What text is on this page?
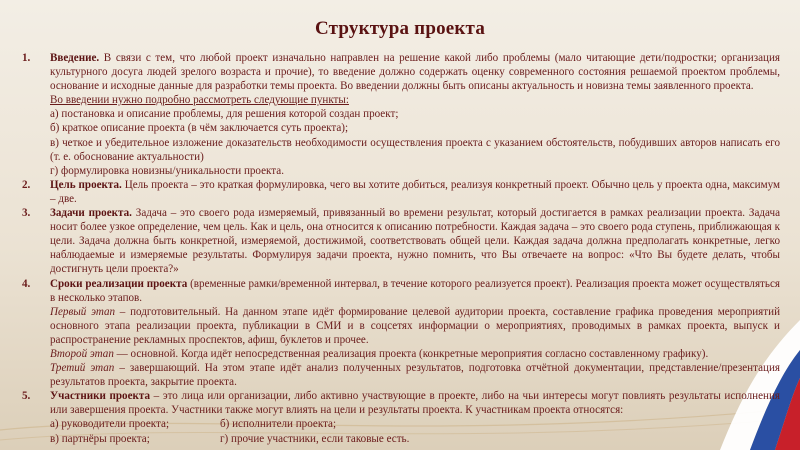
Структура проекта
1. Введение. В связи с тем, что любой проект изначально направлен на решение какой либо проблемы (мало читающие дети/подростки; организация культурного досуга людей зрелого возраста и прочие), то введение должно содержать оценку современного состояния решаемой проектом проблемы, основание и исходные данные для разработки темы проекта. Во введении должны быть описаны актуальность и новизна темы заявленного проекта.
Во введении нужно подробно рассмотреть следующие пункты:
а) постановка и описание проблемы, для решения которой создан проект;
б) краткое описание проекта (в чём заключается суть проекта);
в) четкое и убедительное изложение доказательств необходимости осуществления проекта с указанием обстоятельств, побудивших авторов написать его (т. е. обоснование актуальности)
г) формулировка новизны/уникальности проекта.
2. Цель проекта. Цель проекта – это краткая формулировка, чего вы хотите добиться, реализуя конкретный проект. Обычно цель у проекта одна, максимум – две.
3. Задачи проекта. Задача – это своего рода измеряемый, привязанный во времени результат, который достигается в рамках реализации проекта. Задача носит более узкое определение, чем цель. Как и цель, она относится к описанию потребности. Каждая задача – это своего рода ступень, приближающая к цели. Задача должна быть конкретной, измеряемой, достижимой, соответствовать общей цели. Каждая задача должна предполагать конкретные, легко наблюдаемые и измеряемые результаты. Формулируя задачи проекта, нужно помнить, что Вы отвечаете на вопрос: «Что Вы будете делать, чтобы достигнуть цели проекта?»
4. Сроки реализации проекта (временные рамки/временной интервал, в течение которого реализуется проект). Реализация проекта может осуществляться в несколько этапов.
Первый этап – подготовительный. На данном этапе идёт формирование целевой аудитории проекта, составление графика проведения мероприятий основного этапа реализации проекта, публикации в СМИ и в соцсетях информации о мероприятиях, проводимых в рамках проекта, выпуск и распространение рекламных проспектов, афиш, буклетов и прочее.
Второй этап — основной. Когда идёт непосредственная реализация проекта (конкретные мероприятия согласно составленному графику).
Третий этап – завершающий. На этом этапе идёт анализ полученных результатов, подготовка отчётной документации, представление/презентация результатов проекта, закрытие проекта.
5. Участники проекта – это лица или организации, либо активно участвующие в проекте, либо на чьи интересы могут повлиять результаты исполнения или завершения проекта. Участники также могут влиять на цели и результаты проекта. К участникам проекта относятся:
а) руководители проекта;	б) исполнители проекта;
в) партнёры проекта;	г) прочие участники, если таковые есть.
